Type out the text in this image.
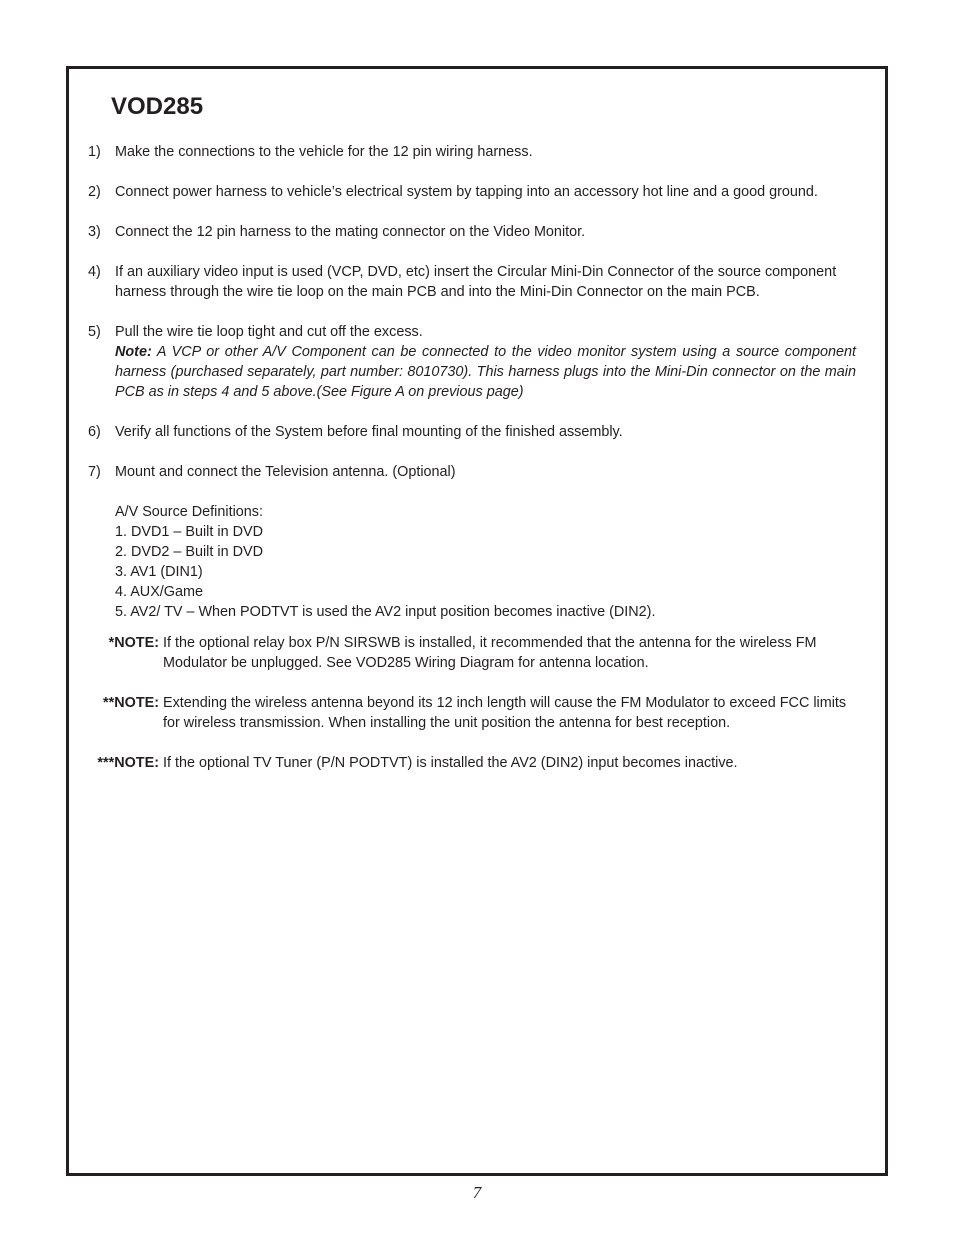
VOD285
1) Make the connections to the vehicle for the 12 pin wiring harness.
2) Connect power harness to vehicle’s electrical system by tapping into an accessory hot line and a good ground.
3) Connect the 12 pin harness to the mating connector on the Video Monitor.
4) If an auxiliary video input is used (VCP, DVD, etc) insert the Circular Mini-Din Connector of the source component harness through the wire tie loop on the main PCB and into the Mini-Din Connector on the main PCB.
5) Pull the wire tie loop tight and cut off the excess.
Note: A VCP or other A/V Component can be connected to the video monitor system using a source component harness (purchased separately, part number: 8010730). This harness plugs into the Mini-Din connector on the main PCB as in steps 4 and 5 above.(See Figure A on previous page)
6) Verify all functions of the System before final mounting of the finished assembly.
7) Mount and connect the Television antenna. (Optional)
A/V Source Definitions:
1. DVD1 – Built in DVD
2. DVD2 – Built in DVD
3. AV1 (DIN1)
4. AUX/Game
5. AV2/ TV – When PODTVT is used the AV2 input position becomes inactive (DIN2).
*NOTE: If the optional relay box P/N SIRSWB is installed, it recommended that the antenna for the wireless FM Modulator be unplugged. See VOD285 Wiring Diagram for antenna location.
**NOTE: Extending the wireless antenna beyond its 12 inch length will cause the FM Modulator to exceed FCC limits for wireless transmission. When installing the unit position the antenna for best reception.
***NOTE: If the optional TV Tuner (P/N PODTVT) is installed the AV2 (DIN2) input becomes inactive.
7
